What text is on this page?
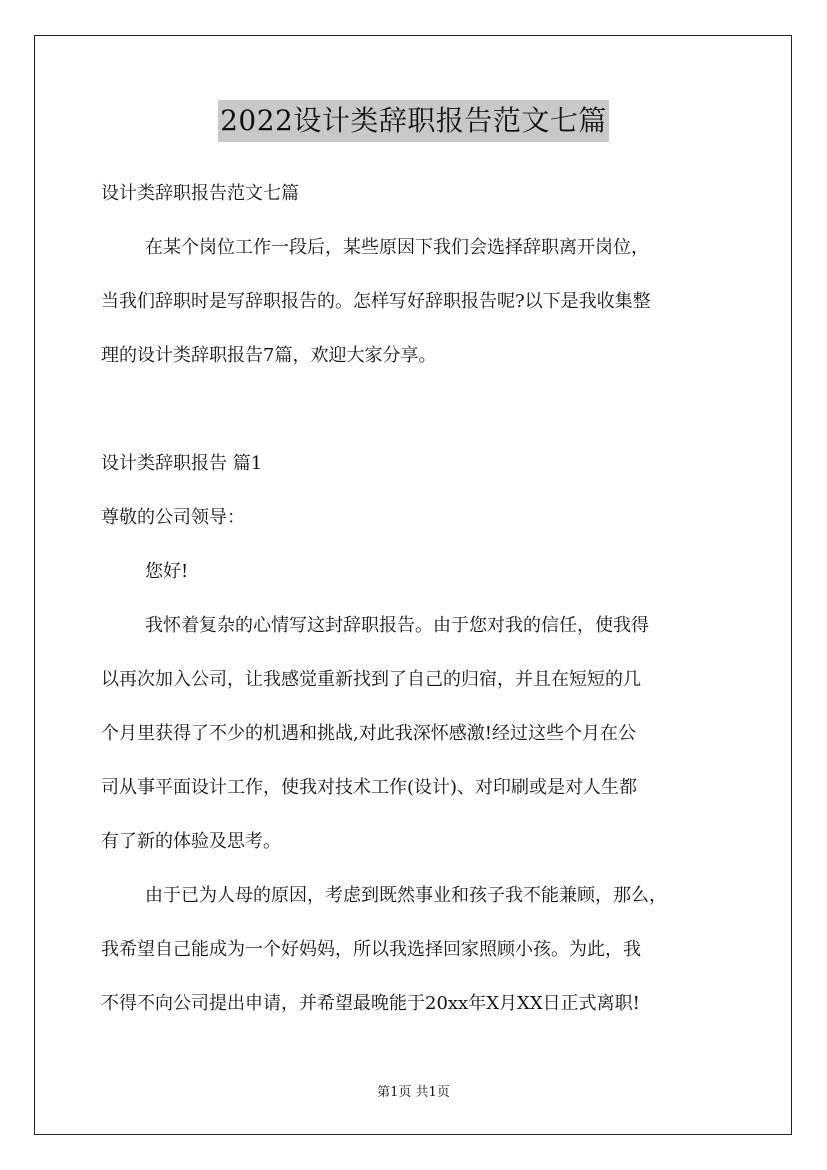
2022设计类辞职报告范文七篇
设计类辞职报告范文七篇
在某个岗位工作一段后，某些原因下我们会选择辞职离开岗位，
当我们辞职时是写辞职报告的。怎样写好辞职报告呢?以下是我收集整
理的设计类辞职报告7篇，欢迎大家分享。
设计类辞职报告 篇1
尊敬的公司领导：
您好!
我怀着复杂的心情写这封辞职报告。由于您对我的信任，使我得
以再次加入公司，让我感觉重新找到了自己的归宿，并且在短短的几
个月里获得了不少的机遇和挑战,对此我深怀感激!经过这些个月在公
司从事平面设计工作，使我对技术工作(设计)、对印刷或是对人生都
有了新的体验及思考。
由于已为人母的原因，考虑到既然事业和孩子我不能兼顾，那么，
我希望自己能成为一个好妈妈，所以我选择回家照顾小孩。为此，我
不得不向公司提出申请，并希望最晚能于20xx年X月XX日正式离职!
第1页 共1页
